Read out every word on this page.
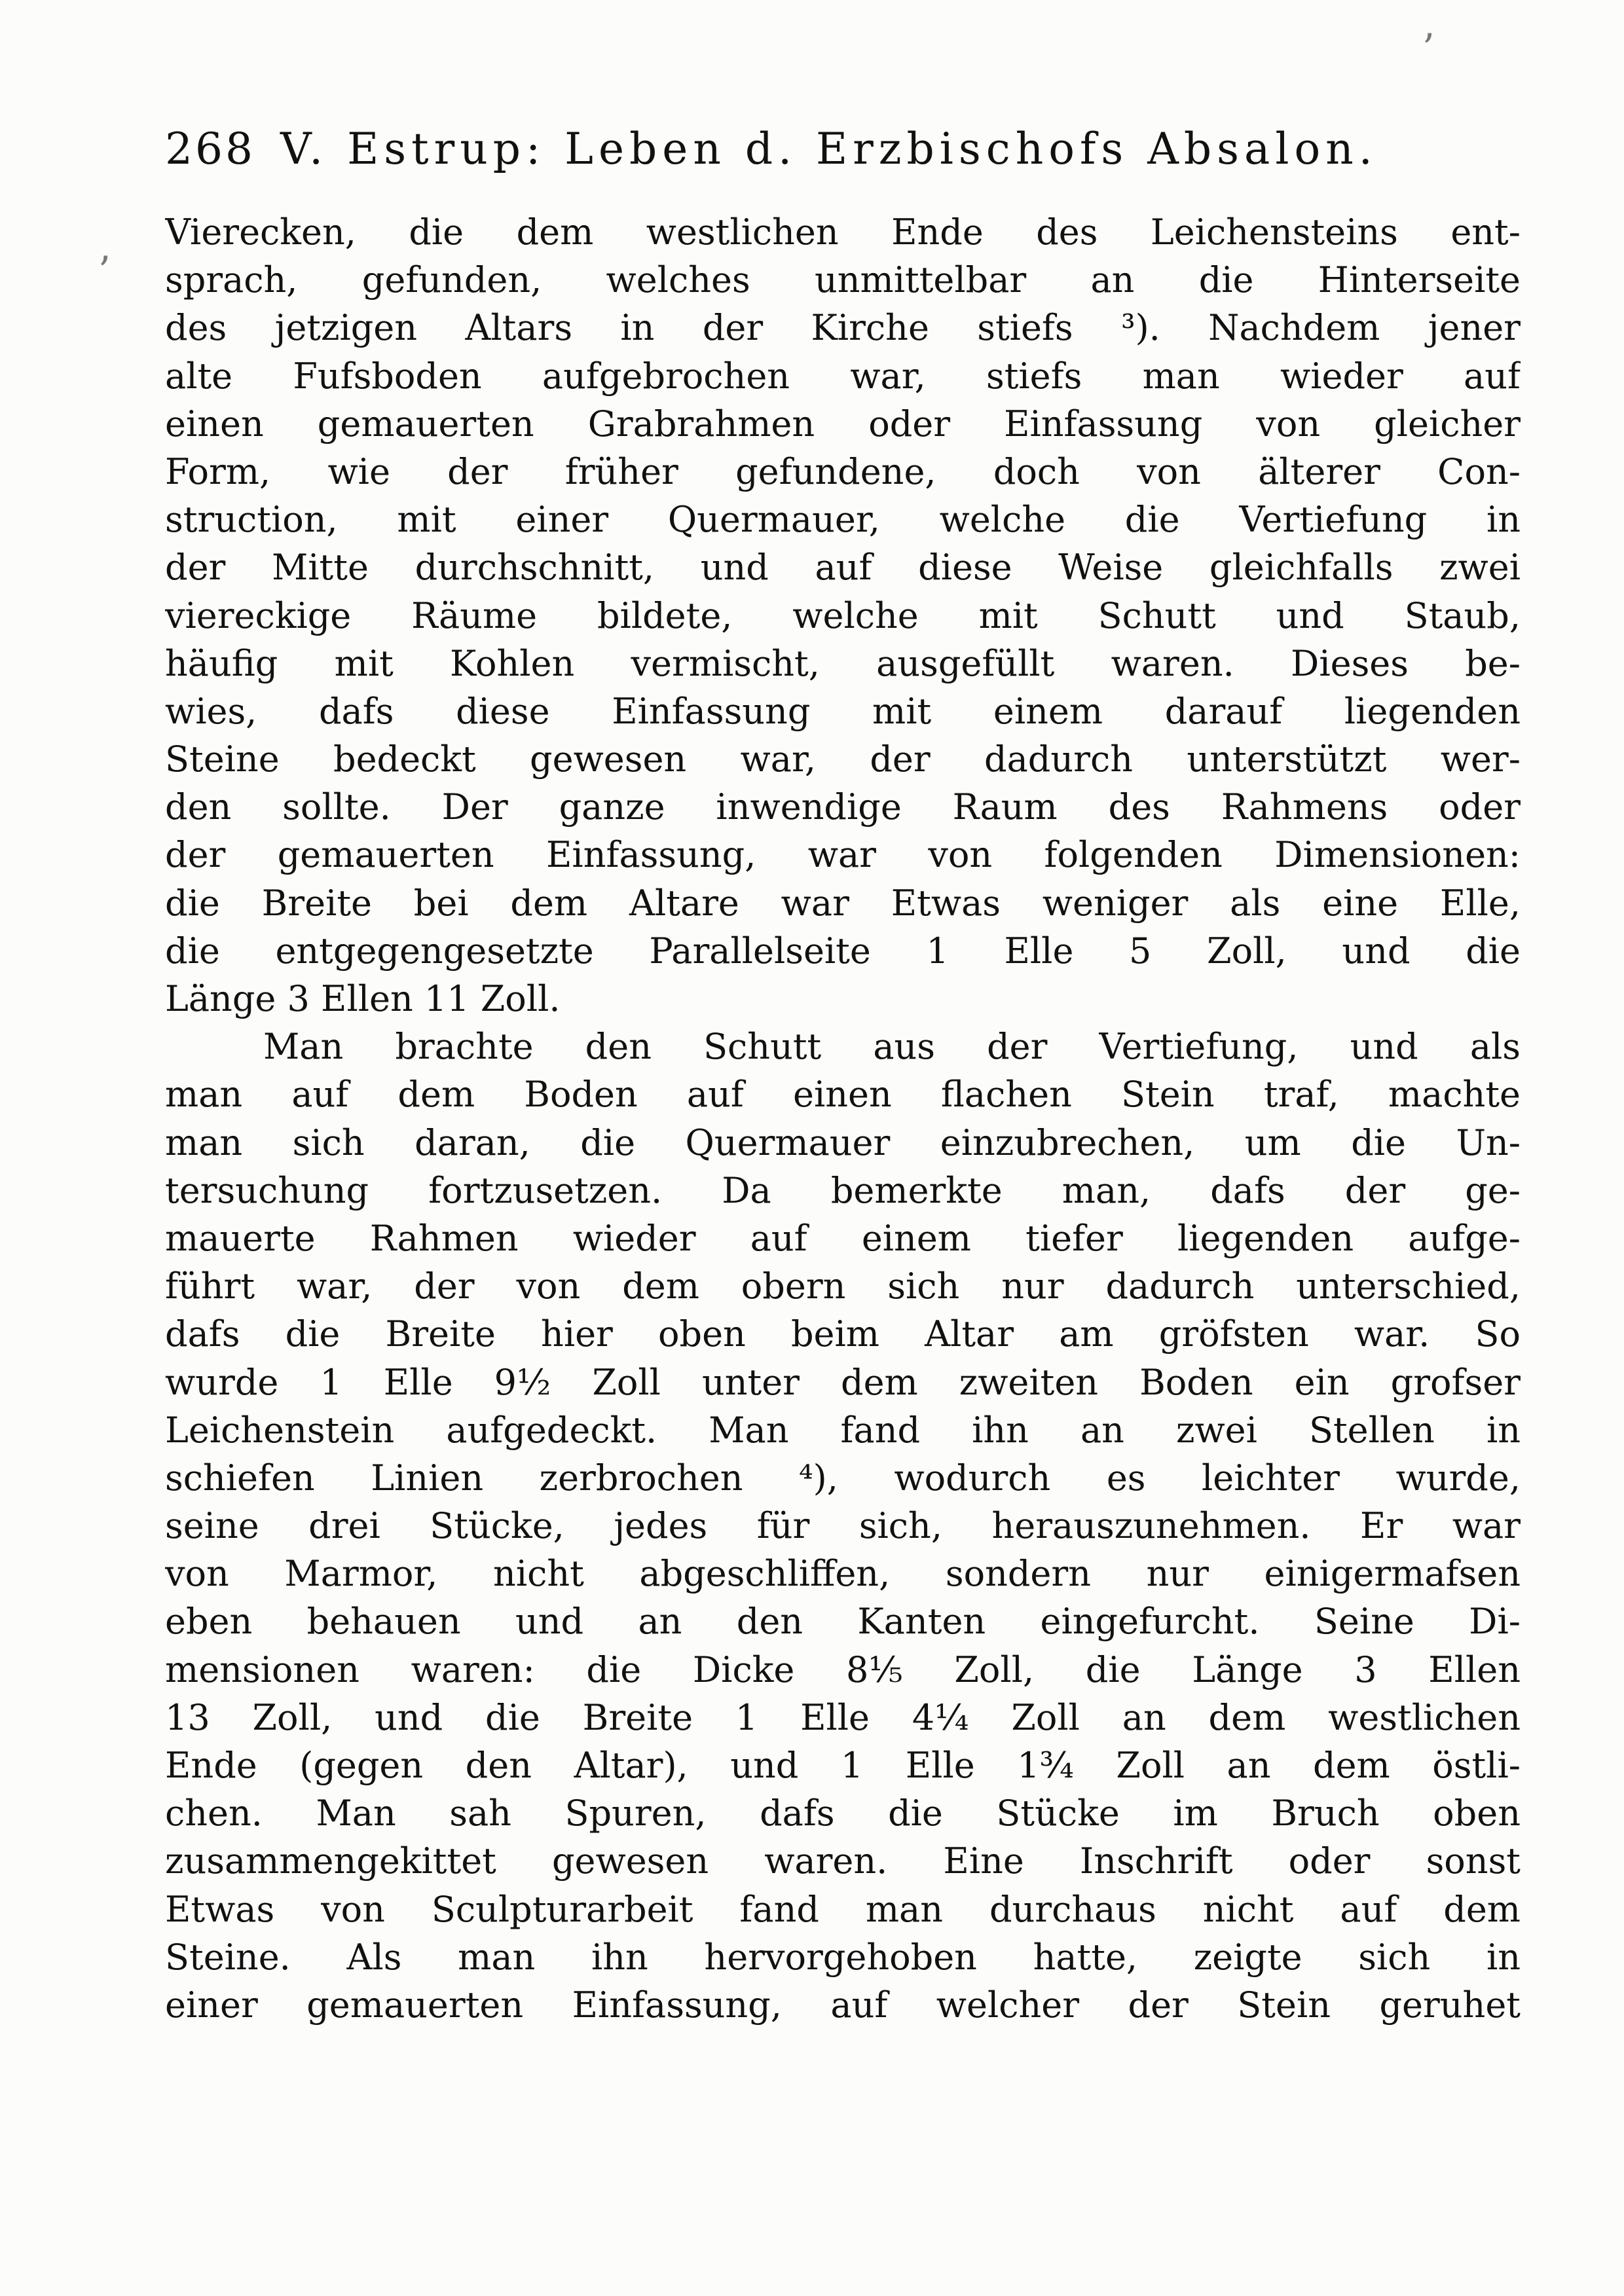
268 V. Estrup: Leben d. Erzbischofs Absalon.
ʼ
ʼ
Vierecken, die dem westlichen Ende des Leichensteins ent-
sprach, gefunden, welches unmittelbar an die Hinterseite
des jetzigen Altars in der Kirche stiefs ³). Nachdem jener
alte Fufsboden aufgebrochen war, stiefs man wieder auf
einen gemauerten Grabrahmen oder Einfassung von gleicher
Form, wie der früher gefundene, doch von älterer Con-
struction, mit einer Quermauer, welche die Vertiefung in
der Mitte durchschnitt, und auf diese Weise gleichfalls zwei
viereckige Räume bildete, welche mit Schutt und Staub,
häufig mit Kohlen vermischt, ausgefüllt waren. Dieses be-
wies, dafs diese Einfassung mit einem darauf liegenden
Steine bedeckt gewesen war, der dadurch unterstützt wer-
den sollte. Der ganze inwendige Raum des Rahmens oder
der gemauerten Einfassung, war von folgenden Dimensionen:
die Breite bei dem Altare war Etwas weniger als eine Elle,
die entgegengesetzte Parallelseite 1 Elle 5 Zoll, und die
Länge 3 Ellen 11 Zoll.
Man brachte den Schutt aus der Vertiefung, und als
man auf dem Boden auf einen flachen Stein traf, machte
man sich daran, die Quermauer einzubrechen, um die Un-
tersuchung fortzusetzen. Da bemerkte man, dafs der ge-
mauerte Rahmen wieder auf einem tiefer liegenden aufge-
führt war, der von dem obern sich nur dadurch unterschied,
dafs die Breite hier oben beim Altar am gröfsten war. So
wurde 1 Elle 9½ Zoll unter dem zweiten Boden ein grofser
Leichenstein aufgedeckt. Man fand ihn an zwei Stellen in
schiefen Linien zerbrochen ⁴), wodurch es leichter wurde,
seine drei Stücke, jedes für sich, herauszunehmen. Er war
von Marmor, nicht abgeschliffen, sondern nur einigermafsen
eben behauen und an den Kanten eingefurcht. Seine Di-
mensionen waren: die Dicke 8⅕ Zoll, die Länge 3 Ellen
13 Zoll, und die Breite 1 Elle 4¼ Zoll an dem westlichen
Ende (gegen den Altar), und 1 Elle 1¾ Zoll an dem östli-
chen. Man sah Spuren, dafs die Stücke im Bruch oben
zusammengekittet gewesen waren. Eine Inschrift oder sonst
Etwas von Sculpturarbeit fand man durchaus nicht auf dem
Steine. Als man ihn hervorgehoben hatte, zeigte sich in
einer gemauerten Einfassung, auf welcher der Stein geruhet
